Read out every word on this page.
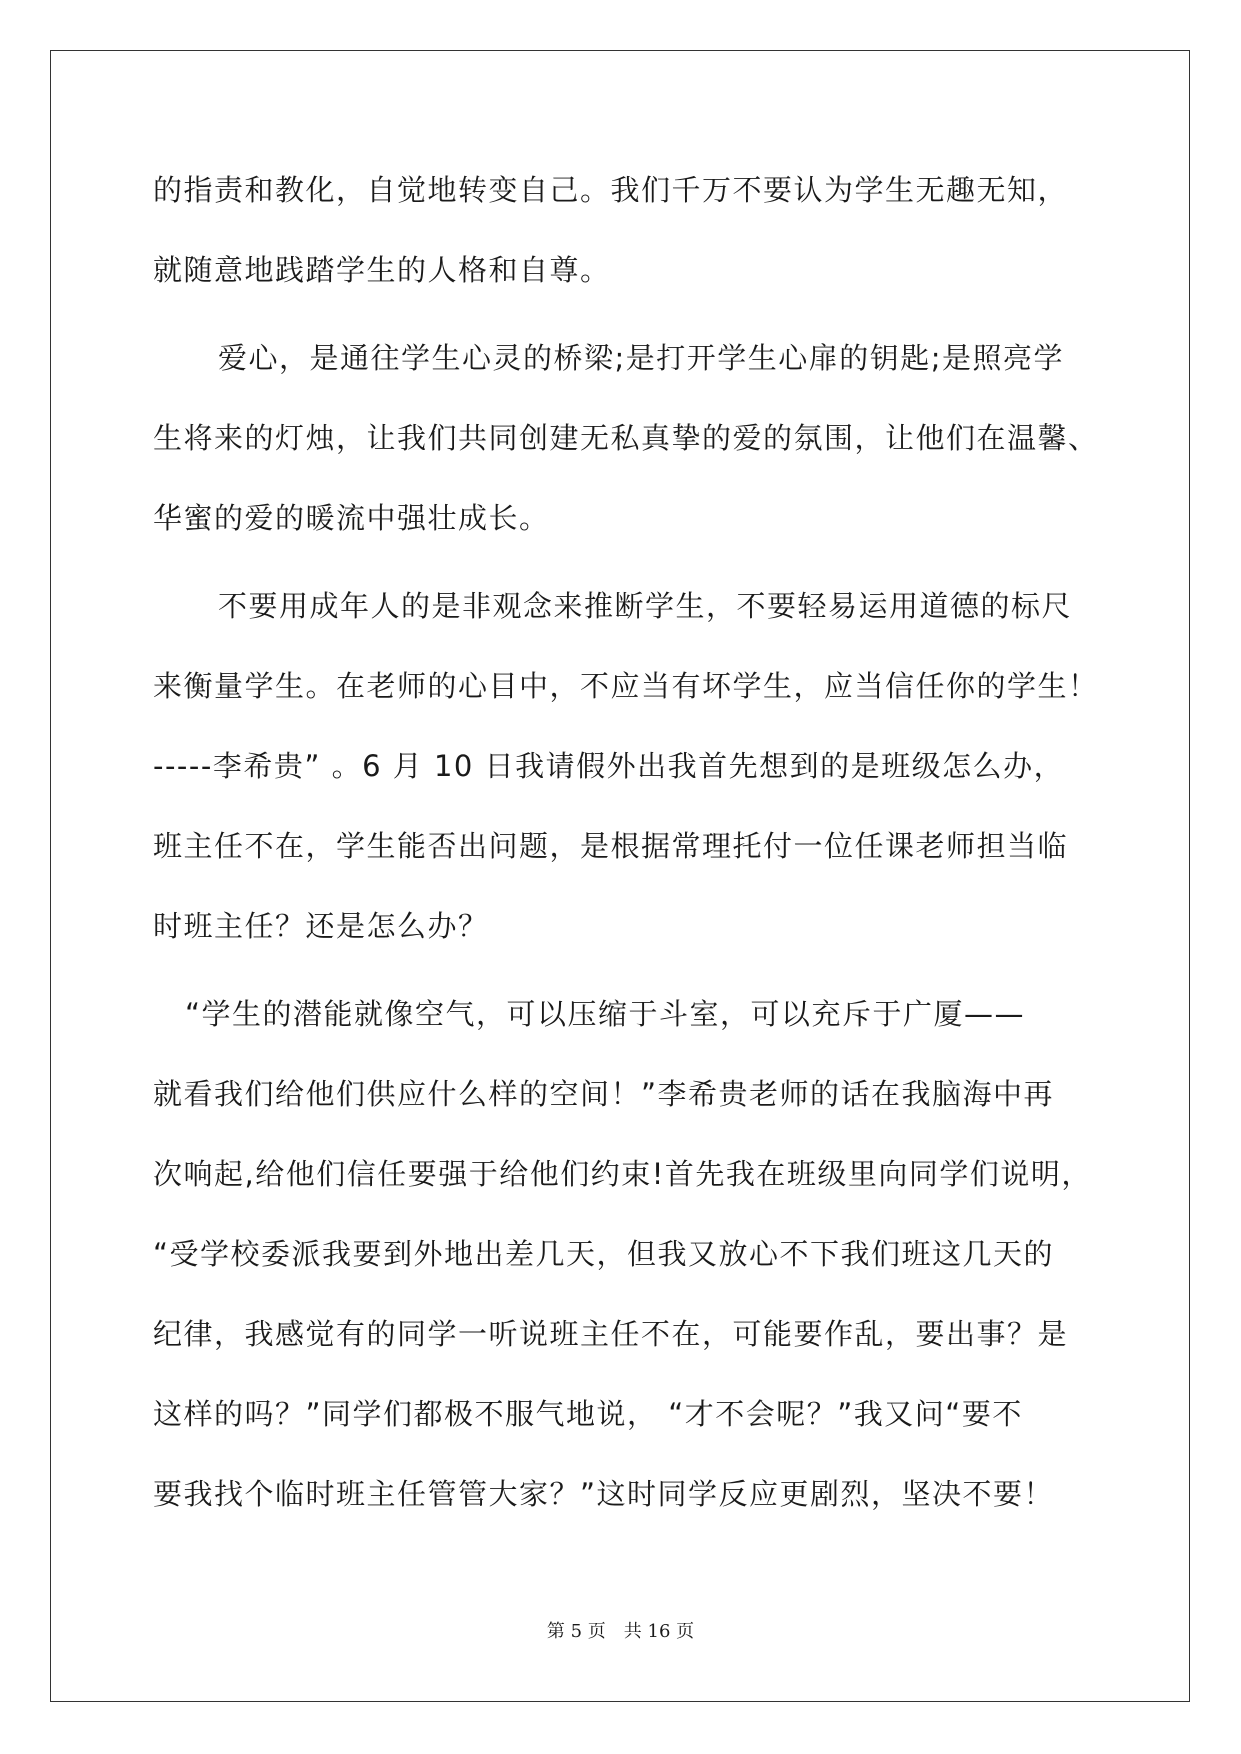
的指责和教化，自觉地转变自己。我们千万不要认为学生无趣无知，
就随意地践踏学生的人格和自尊。
爱心，是通往学生心灵的桥梁;是打开学生心扉的钥匙;是照亮学
生将来的灯烛，让我们共同创建无私真挚的爱的氛围，让他们在温馨、
华蜜的爱的暖流中强壮成长。
不要用成年人的是非观念来推断学生，不要轻易运用道德的标尺
来衡量学生。在老师的心目中，不应当有坏学生，应当信任你的学生！
-----李希贵” 。6 月 10 日我请假外出我首先想到的是班级怎么办，
班主任不在，学生能否出问题，是根据常理托付一位任课老师担当临
时班主任？还是怎么办？
“学生的潜能就像空气，可以压缩于斗室，可以充斥于广厦——
就看我们给他们供应什么样的空间！”李希贵老师的话在我脑海中再
次响起,给他们信任要强于给他们约束!首先我在班级里向同学们说明，
“受学校委派我要到外地出差几天，但我又放心不下我们班这几天的
纪律，我感觉有的同学一听说班主任不在，可能要作乱，要出事？是
这样的吗？”同学们都极不服气地说， “才不会呢？”我又问“要不
要我找个临时班主任管管大家？”这时同学反应更剧烈，坚决不要！
第 5 页 共 16 页
